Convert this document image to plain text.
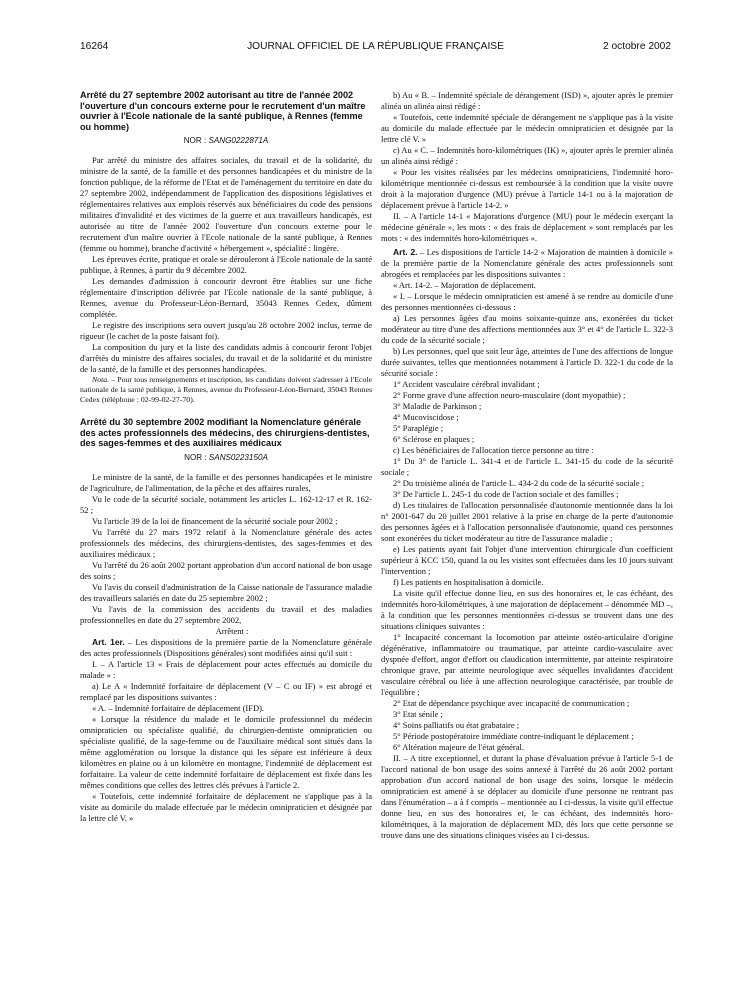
16264	JOURNAL OFFICIEL DE LA RÉPUBLIQUE FRANÇAISE	2 octobre 2002
Arrêté du 27 septembre 2002 autorisant au titre de l'année 2002 l'ouverture d'un concours externe pour le recrutement d'un maître ouvrier à l'Ecole nationale de la santé publique, à Rennes (femme ou homme)
NOR : SANG0222871A

Par arrêté du ministre des affaires sociales, du travail et de la solidarité, du ministre de la santé, de la famille et des personnes handicapées et du ministre de la fonction publique, de la réforme de l'Etat et de l'aménagement du territoire en date du 27 septembre 2002, indépendamment de l'application des dispositions législatives et réglementaires relatives aux emplois réservés aux bénéficiaires du code des pensions militaires d'invalidité et des victimes de la guerre et aux travailleurs handicapés, est autorisée au titre de l'année 2002 l'ouverture d'un concours externe pour le recrutement d'un maître ouvrier à l'Ecole nationale de la santé publique, à Rennes (femme ou homme), branche d'activité « hébergement », spécialité : lingère.

Les épreuves écrite, pratique et orale se dérouleront à l'Ecole nationale de la santé publique, à Rennes, à partir du 9 décembre 2002.

Les demandes d'admission à concourir devront être établies sur une fiche réglementaire d'inscription délivrée par l'Ecole nationale de la santé publique, à Rennes, avenue du Professeur-Léon-Bernard, 35043 Rennes Cedex, dûment complétée.

Le registre des inscriptions sera ouvert jusqu'au 28 octobre 2002 inclus, terme de rigueur (le cachet de la poste faisant foi).

La composition du jury et la liste des candidats admis à concourir feront l'objet d'arrêtés du ministre des affaires sociales, du travail et de la solidarité et du ministre de la santé, de la famille et des personnes handicapées.

Nota. – Pour tous renseignements et inscription, les candidats doivent s'adresser à l'Ecole nationale de la santé publique, à Rennes, avenue du Professeur-Léon-Bernard, 35043 Rennes Cedex (téléphone : 02-99-02-27-70).

Arrêté du 30 septembre 2002 modifiant la Nomenclature générale des actes professionnels des médecins, des chirurgiens-dentistes, des sages-femmes et des auxiliaires médicaux
NOR : SANS0223150A

Le ministre de la santé, de la famille et des personnes handicapées et le ministre de l'agriculture, de l'alimentation, de la pêche et des affaires rurales,

Vu le code de la sécurité sociale, notamment les articles L. 162-12-17 et R. 162-52 ;

Vu l'article 39 de la loi de financement de la sécurité sociale pour 2002 ;

Vu l'arrêté du 27 mars 1972 relatif à la Nomenclature générale des actes professionnels des médecins, des chirurgiens-dentistes, des sages-femmes et des auxiliaires médicaux ;

Vu l'arrêté du 26 août 2002 portant approbation d'un accord national de bon usage des soins ;

Vu l'avis du conseil d'administration de la Caisse nationale de l'assurance maladie des travailleurs salariés en date du 25 septembre 2002 ;

Vu l'avis de la commission des accidents du travail et des maladies professionnelles en date du 27 septembre 2002,

Arrêtent :

Art. 1er. – Les dispositions de la première partie de la Nomenclature générale des actes professionnels (Dispositions générales) sont modifiées ainsi qu'il suit :

I. – A l'article 13 « Frais de déplacement pour actes effectués au domicile du malade » :

a) Le A « Indemnité forfaitaire de déplacement (V – C ou IF) » est abrogé et remplacé par les dispositions suivantes :

« A. – Indemnité forfaitaire de déplacement (IFD).

« Lorsque la résidence du malade et le domicile professionnel du médecin omnipraticien ou spécialiste qualifié, du chirurgien-dentiste omnipraticien ou spécialiste qualifié, de la sage-femme ou de l'auxiliaire médical sont situés dans la même agglomération ou lorsque la distance qui les sépare est inférieure à deux kilomètres en plaine ou à un kilomètre en montagne, l'indemnité de déplacement est forfaitaire. La valeur de cette indemnité forfaitaire de déplacement est fixée dans les mêmes conditions que celles des lettres clés prévues à l'article 2.

« Toutefois, cette indemnité forfaitaire de déplacement ne s'applique pas à la visite au domicile du malade effectuée par le médecin omnipraticien et désignée par la lettre clé V. »

b) Au « B. – Indemnité spéciale de dérangement (ISD) », ajouter après le premier alinéa un alinéa ainsi rédigé :

« Toutefois, cette indemnité spéciale de dérangement ne s'applique pas à la visite au domicile du malade effectuée par le médecin omnipraticien et désignée par la lettre clé V. »

c) Au « C. – Indemnités horo-kilométriques (IK) », ajouter après le premier alinéa un alinéa ainsi rédigé :

« Pour les visites réalisées par les médecins omnipraticiens, l'indemnité horo-kilométrique mentionnée ci-dessus est remboursée à la condition que la visite ouvre droit à la majoration d'urgence (MU) prévue à l'article 14-1 ou à la majoration de déplacement prévue à l'article 14-2. »

II. – A l'article 14-1 « Majorations d'urgence (MU) pour le médecin exerçant la médecine générale », les mots : « des frais de déplacement » sont remplacés par les mots : « des indemnités horo-kilométriques ».

Art. 2. – Les dispositions de l'article 14-2 « Majoration de maintien à domicile » de la première partie de la Nomenclature générale des actes professionnels sont abrogées et remplacées par les dispositions suivantes :

« Art. 14-2. – Majoration de déplacement.

« I. – Lorsque le médecin omnipraticien est amené à se rendre au domicile d'une des personnes mentionnées ci-dessous :

a) Les personnes âgées d'au moins soixante-quinze ans, exonérées du ticket modérateur au titre d'une des affections mentionnées aux 3° et 4° de l'article L. 322-3 du code de la sécurité sociale ;

b) Les personnes, quel que soit leur âge, atteintes de l'une des affections de longue durée suivantes, telles que mentionnées notamment à l'article D. 322-1 du code de la sécurité sociale :

1° Accident vasculaire cérébral invalidant ;

2° Forme grave d'une affection neuro-musculaire (dont myopathie) ;

3° Maladie de Parkinson ;

4° Mucoviscidose ;

5° Paraplégie ;

6° Sclérose en plaques ;

c) Les bénéficiaires de l'allocation tierce personne au titre :

1° Du 3° de l'article L. 341-4 et de l'article L. 341-15 du code de la sécurité sociale ;

2° Du troisième alinéa de l'article L. 434-2 du code de la sécurité sociale ;

3° De l'article L. 245-1 du code de l'action sociale et des familles ;

d) Les titulaires de l'allocation personnalisée d'autonomie mentionnée dans la loi n° 2001-647 du 20 juillet 2001 relative à la prise en charge de la perte d'autonomie des personnes âgées et à l'allocation personnalisée d'autonomie, quand ces personnes sont exonérées du ticket modérateur au titre de l'assurance maladie ;

e) Les patients ayant fait l'objet d'une intervention chirurgicale d'un coefficient supérieur à KCC 150, quand la ou les visites sont effectuées dans les 10 jours suivant l'intervention ;

f) Les patients en hospitalisation à domicile.

La visite qu'il effectue donne lieu, en sus des honoraires et, le cas échéant, des indemnités horo-kilométriques, à une majoration de déplacement – dénommée MD –, à la condition que les personnes mentionnées ci-dessus se trouvent dans une des situations cliniques suivantes :

1° Incapacité concernant la locomotion par atteinte ostéo-articulaire d'origine dégénérative, inflammatoire ou traumatique, par atteinte cardio-vasculaire avec dyspnée d'effort, angor d'effort ou claudication intermittente, par atteinte respiratoire chronique grave, par atteinte neurologique avec séquelles invalidantes d'accident vasculaire cérébral ou liée à une affection neurologique caractérisée, par trouble de l'équilibre ;

2° Etat de dépendance psychique avec incapacité de communication ;

3° Etat sénile ;

4° Soins palliatifs ou état grabataire ;

5° Période postopératoire immédiate contre-indiquant le déplacement ;

6° Altération majeure de l'état général.

II. – A titre exceptionnel, et durant la phase d'évaluation prévue à l'article 5-1 de l'accord national de bon usage des soins annexé à l'arrêté du 26 août 2002 portant approbation d'un accord national de bon usage des soins, lorsque le médecin omnipraticien est amené à se déplacer au domicile d'une personne ne rentrant pas dans l'énumération – a à f compris – mentionnée au I ci-dessus, la visite qu'il effectue donne lieu, en sus des honoraires et, le cas échéant, des indemnités horo-kilométriques, à la majoration de déplacement MD, dès lors que cette personne se trouve dans une des situations cliniques visées au I ci-dessus.
